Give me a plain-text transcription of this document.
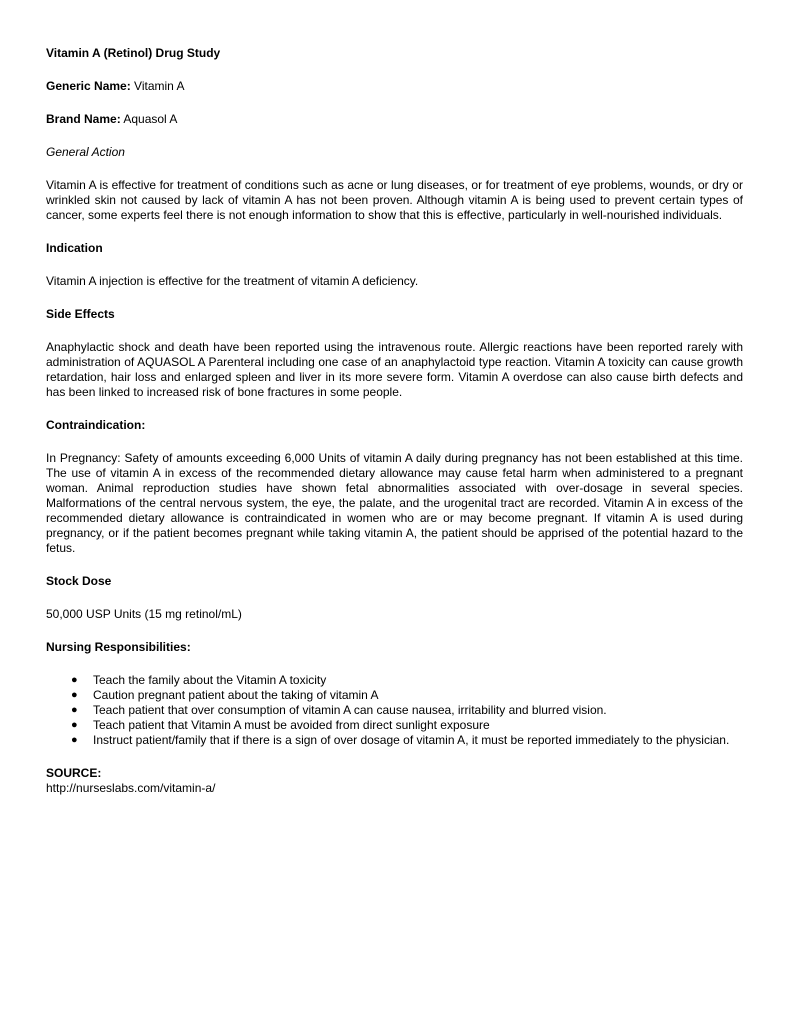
Vitamin A (Retinol) Drug Study

Generic Name: Vitamin A

Brand Name: Aquasol A

General Action

Vitamin A is effective for treatment of conditions such as acne or lung diseases, or for treatment of eye problems, wounds, or dry or wrinkled skin not caused by lack of vitamin A has not been proven. Although vitamin A is being used to prevent certain types of cancer, some experts feel there is not enough information to show that this is effective, particularly in well-nourished individuals.

Indication

Vitamin A injection is effective for the treatment of vitamin A deficiency.

Side Effects

Anaphylactic shock and death have been reported using the intravenous route. Allergic reactions have been reported rarely with administration of AQUASOL A Parenteral including one case of an anaphylactoid type reaction. Vitamin A toxicity can cause growth retardation, hair loss and enlarged spleen and liver in its more severe form. Vitamin A overdose can also cause birth defects and has been linked to increased risk of bone fractures in some people.

Contraindication:

In Pregnancy: Safety of amounts exceeding 6,000 Units of vitamin A daily during pregnancy has not been established at this time. The use of vitamin A in excess of the recommended dietary allowance may cause fetal harm when administered to a pregnant woman. Animal reproduction studies have shown fetal abnormalities associated with over-dosage in several species. Malformations of the central nervous system, the eye, the palate, and the urogenital tract are recorded. Vitamin A in excess of the recommended dietary allowance is contraindicated in women who are or may become pregnant. If vitamin A is used during pregnancy, or if the patient becomes pregnant while taking vitamin A, the patient should be apprised of the potential hazard to the fetus.

Stock Dose

50,000 USP Units (15 mg retinol/mL)

Nursing Responsibilities:

● Teach the family about the Vitamin A toxicity
● Caution pregnant patient about the taking of vitamin A
● Teach patient that over consumption of vitamin A can cause nausea, irritability and blurred vision.
● Teach patient that Vitamin A must be avoided from direct sunlight exposure
● Instruct patient/family that if there is a sign of over dosage of vitamin A, it must be reported immediately to the physician.

SOURCE:

http://nurseslabs.com/vitamin-a/
